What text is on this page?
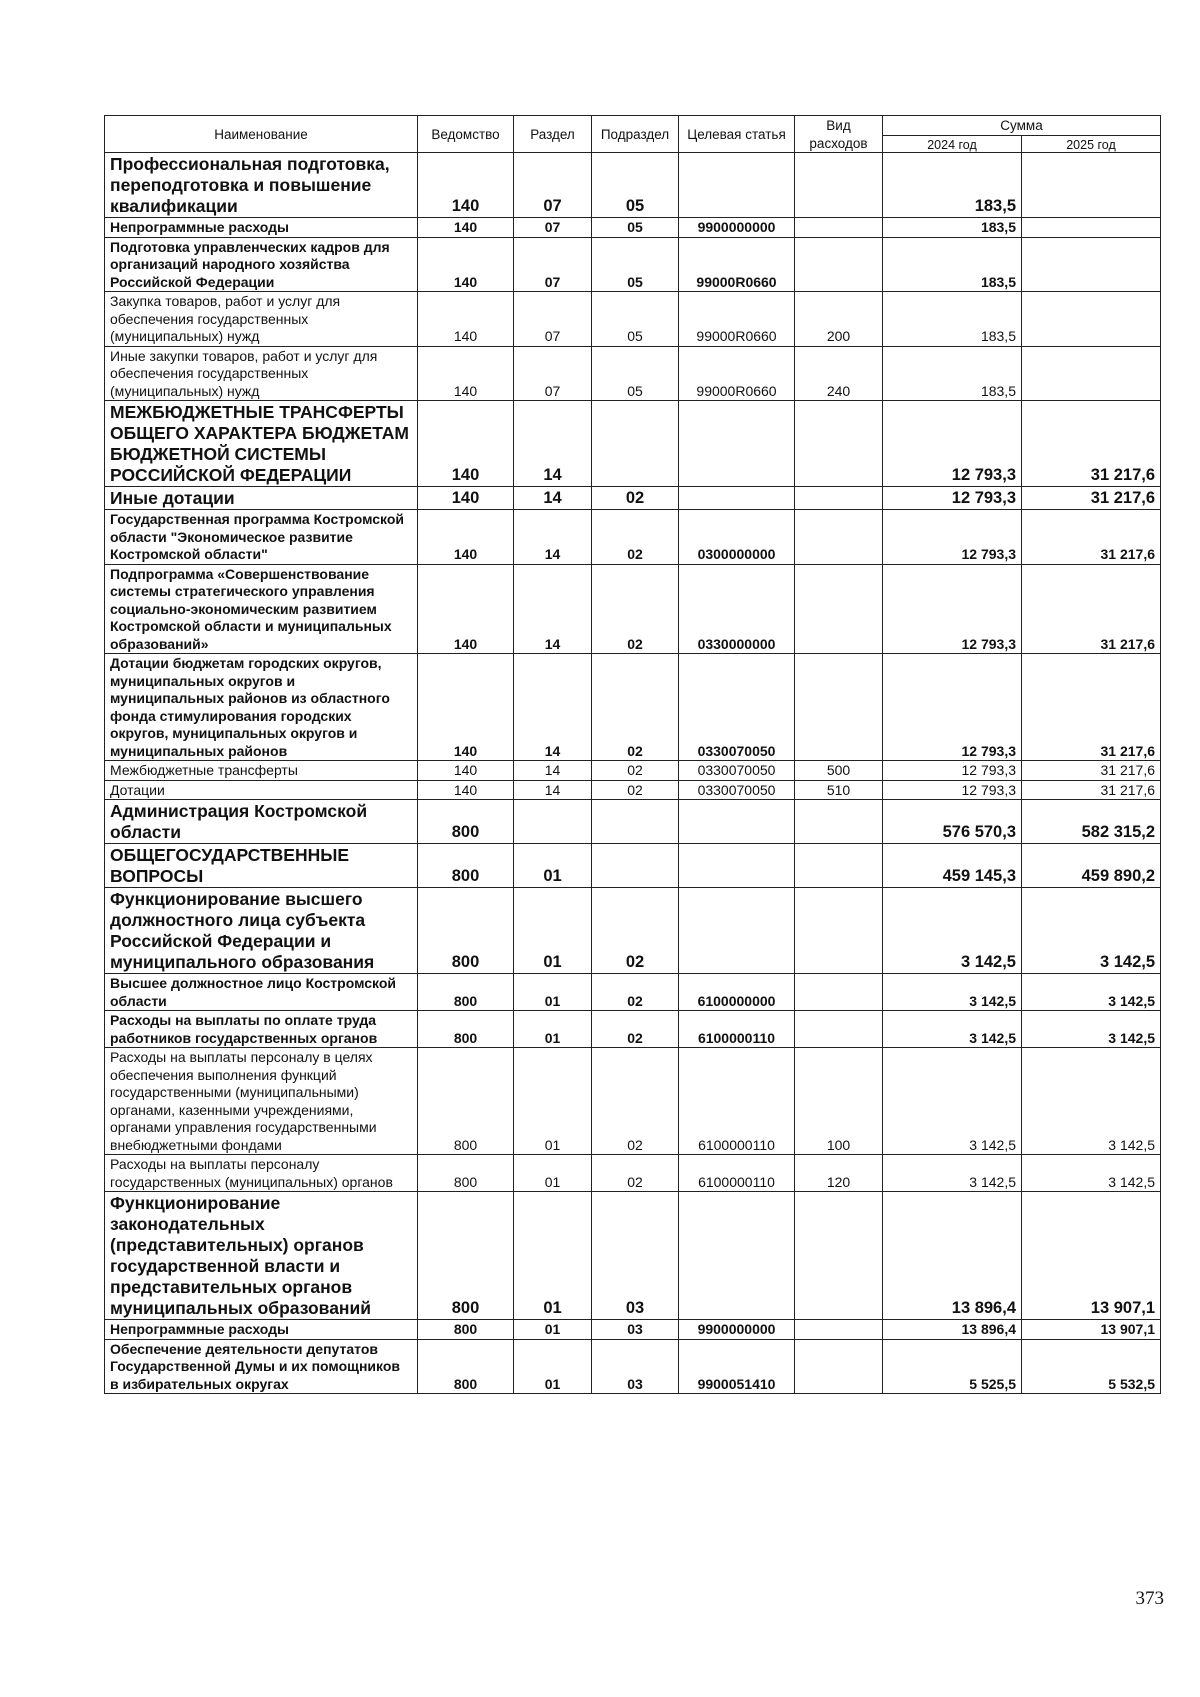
Наименование	Ведомство	Раздел	Подраздел	Целевая статья	Вид расходов	Сумма	
						2024 год	2025 год
Профессиональная подготовка, переподготовка и повышение квалификации	140	07	05			183,5	
Непрограммные расходы	140	07	05	9900000000		183,5	
Подготовка управленческих кадров для организаций народного хозяйства Российской Федерации	140	07	05	99000R0660		183,5	
Закупка товаров, работ и услуг для обеспечения государственных (муниципальных) нужд	140	07	05	99000R0660	200	183,5	
Иные закупки товаров, работ и услуг для обеспечения государственных (муниципальных) нужд	140	07	05	99000R0660	240	183,5	
МЕЖБЮДЖЕТНЫЕ ТРАНСФЕРТЫ ОБЩЕГО ХАРАКТЕРА БЮДЖЕТАМ БЮДЖЕТНОЙ СИСТЕМЫ РОССИЙСКОЙ ФЕДЕРАЦИИ	140	14				12 793,3	31 217,6
Иные дотации	140	14	02			12 793,3	31 217,6
Государственная программа Костромской области "Экономическое развитие Костромской области"	140	14	02	0300000000		12 793,3	31 217,6
Подпрограмма «Совершенствование системы стратегического управления социально-экономическим развитием Костромской области и муниципальных образований»	140	14	02	0330000000		12 793,3	31 217,6
Дотации бюджетам городских округов, муниципальных округов и муниципальных районов из областного фонда стимулирования городских округов, муниципальных округов и муниципальных районов	140	14	02	0330070050		12 793,3	31 217,6
Межбюджетные трансферты	140	14	02	0330070050	500	12 793,3	31 217,6
Дотации	140	14	02	0330070050	510	12 793,3	31 217,6
Администрация Костромской области	800					576 570,3	582 315,2
ОБЩЕГОСУДАРСТВЕННЫЕ ВОПРОСЫ	800	01				459 145,3	459 890,2
Функционирование высшего должностного лица субъекта Российской Федерации и муниципального образования	800	01	02			3 142,5	3 142,5
Высшее должностное лицо Костромской области	800	01	02	6100000000		3 142,5	3 142,5
Расходы на выплаты по оплате труда работников государственных органов	800	01	02	6100000110		3 142,5	3 142,5
Расходы на выплаты персоналу в целях обеспечения выполнения функций государственными (муниципальными) органами, казенными учреждениями, органами управления государственными внебюджетными фондами	800	01	02	6100000110	100	3 142,5	3 142,5
Расходы на выплаты персоналу государственных (муниципальных) органов	800	01	02	6100000110	120	3 142,5	3 142,5
Функционирование законодательных (представительных) органов государственной власти и представительных органов муниципальных образований	800	01	03			13 896,4	13 907,1
Непрограммные расходы	800	01	03	9900000000		13 896,4	13 907,1
Обеспечение деятельности депутатов Государственной Думы и их помощников в избирательных округах	800	01	03	9900051410		5 525,5	5 532,5
373
